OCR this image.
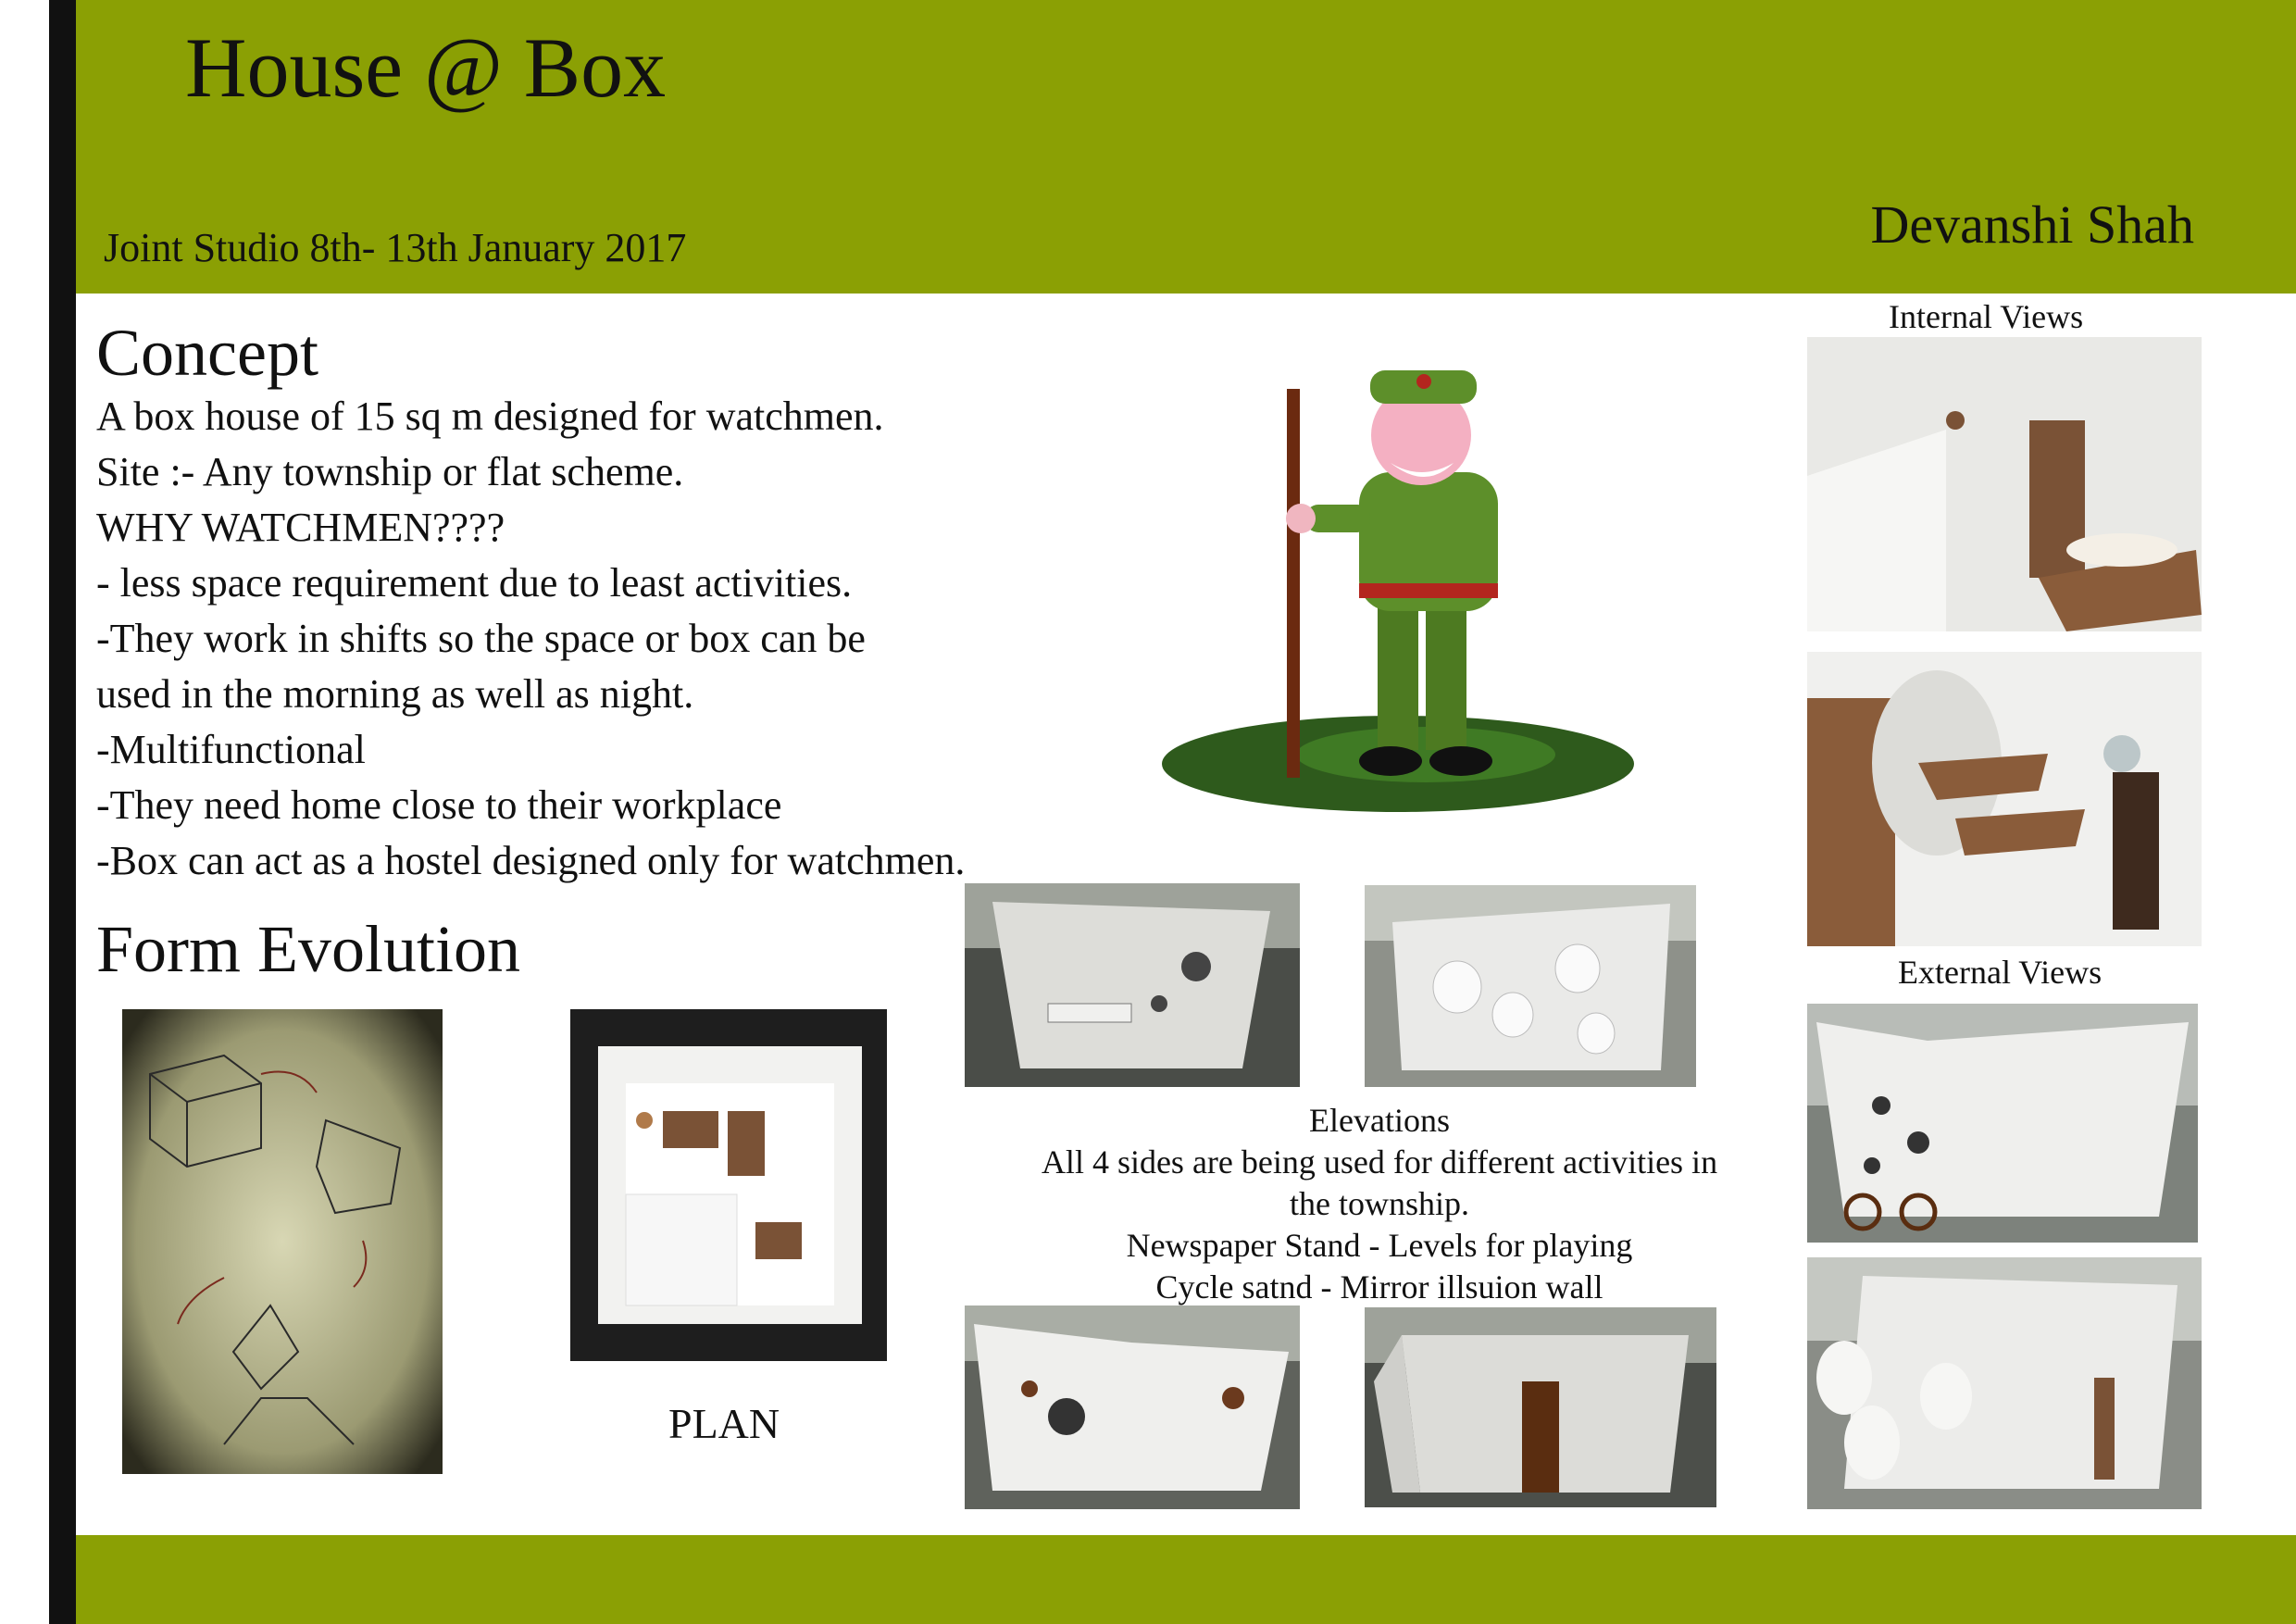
House @ Box
Joint Studio 8th- 13th January 2017	Devanshi Shah
Concept
A box house of 15 sq m designed for watchmen.
Site :- Any township or flat scheme.
WHY WATCHMEN????
- less space requirement due to least activities.
-They work in shifts so the space or box can be
used in the morning as well as night.
-Multifunctional
-They need home close to their workplace
-Box can act as a hostel designed only for watchmen.
Internal Views
External Views
Form Evolution
PLAN
Elevations
All 4 sides are being used for different activities in
the township.
Newspaper Stand - Levels for playing
Cycle satnd - Mirror illsuion wall
